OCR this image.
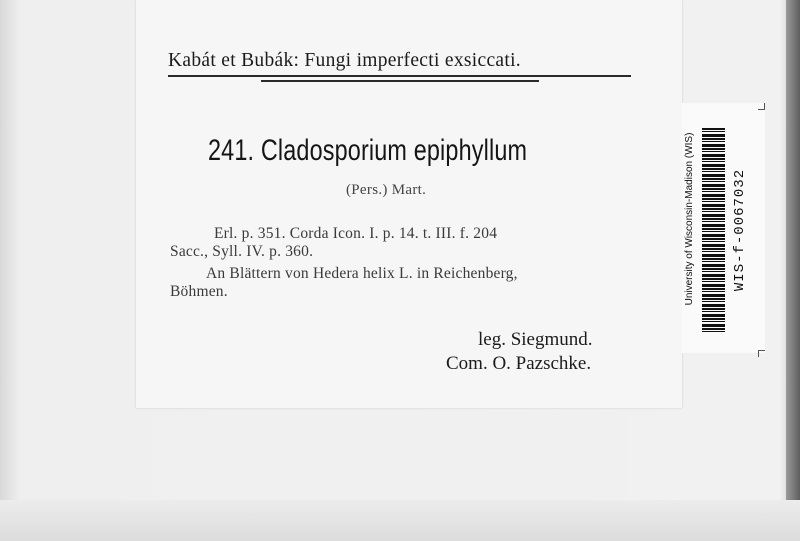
Kabát et Bubák: Fungi imperfecti exsiccati.
241. Cladosporium epiphyllum
(Pers.) Mart.
Erl. p. 351. Corda Icon. I. p. 14. t. III. f. 204
Sacc., Syll. IV. p. 360.
An Blättern von Hedera helix L. in Reichenberg,
Böhmen.
leg. Siegmund.
Com. O. Pazschke.
University of Wisconsin-Madison (WIS)	WIS-f-0067032
